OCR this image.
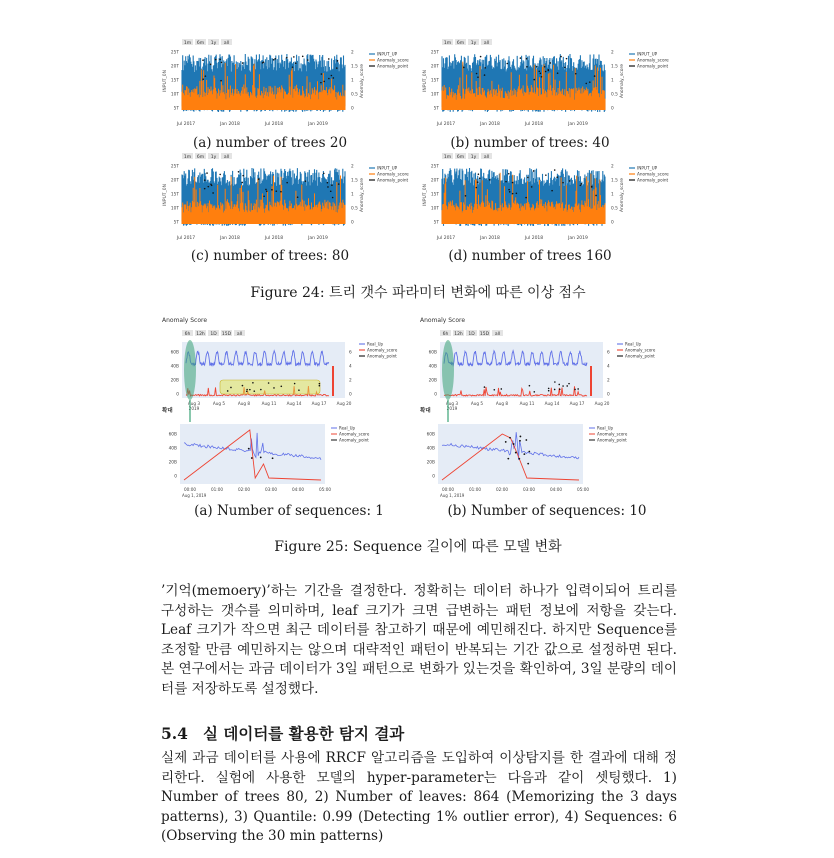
1m 6m 1y all
25T	2
20T	1.5
15T	1
10T	0.5
5T	0
INPUT_0N	Anomaly_score
Jul 2017	Jan 2018	Jul 2018	Jan 2019
INPUT_UP
Anomaly_score
Anomaly_point
1m 6m 1y all
25T	2
20T	1.5
15T	1
10T	0.5
5T	0
INPUT_0N	Anomaly_score
Jul 2017	Jan 2018	Jul 2018	Jan 2019
INPUT_UP
Anomaly_score
Anomaly_point
1m 6m 1y all
25T	2
20T	1.5
15T	1
10T	0.5
5T	0
INPUT_0N	Anomaly_score
Jul 2017	Jan 2018	Jul 2018	Jan 2019
INPUT_UP
Anomaly_score
Anomaly_point
1m 6m 1y all
25T	2
20T	1.5
15T	1
10T	0.5
5T	0
INPUT_0N	Anomaly_score
Jul 2017	Jan 2018	Jul 2018	Jan 2019
INPUT_UP
Anomaly_score
Anomaly_point
(a) number of trees 20	(b) number of trees: 40
(c) number of trees: 80	(d) number of trees 160
Figure 24: 트리 갯수 파라미터 변화에 따른 이상 점수
Anomaly Score
6h 12h 1D 15D all
60B	6
40B	4
20B	2
0	0
Aug 3
2019
Aug 5	Aug 8	Aug 11 Aug 14 Aug 17 Aug 20
Real_Up
Anomaly_score
Anomaly_point
확대
60B
40B
20B
0
00:00	01:00	02:00	03:00	04:00	05:00
Aug 1, 2019
Real_Up
Anomaly_score
Anomaly_point
Anomaly Score
6h 12h 1D 15D all
60B	6
40B	4
20B	2
0	0
Aug 3
2019
Aug 5	Aug 8	Aug 11 Aug 14 Aug 17 Aug 20
Real_Up
Anomaly_score
Anomaly_point
확대
60B
40B
20B
0
00:00	01:00	02:00	03:00	04:00	05:00
Aug 1, 2019
Real_Up
Anomaly_score
Anomaly_point
(a) Number of sequences: 1	(b) Number of sequences: 10
Figure 25: Sequence 길이에 따른 모델 변화

’기억(memoery)’하는 기간을 결정한다. 정확히는 데이터 하나가 입력이되어 트리를 구성하는 갯수를 의미하며, leaf 크기가 크면 급변하는 패턴 정보에 저항을 갖는다. Leaf 크기가 작으면 최근 데이터를 참고하기 때문에 예민해진다. 하지만 Sequence를 조정할 만큼 예민하지는 않으며 대략적인 패턴이 반복되는 기간 값으로 설정하면 된다. 본 연구에서는 과금 데이터가 3일 패턴으로 변화가 있는것을 확인하여, 3일 분량의 데이터를 저장하도록 설정했다.

5.4 실 데이터를 활용한 탐지 결과

실제 과금 데이터를 사용에 RRCF 알고리즘을 도입하여 이상탐지를 한 결과에 대해 정리한다. 실험에 사용한 모델의 hyper-parameter는 다음과 같이 셋팅했다. 1) Number of trees 80, 2) Number of leaves: 864 (Memorizing the 3 days patterns), 3) Quantile: 0.99 (Detecting 1% outlier error), 4) Sequences: 6 (Observing the 30 min patterns)
